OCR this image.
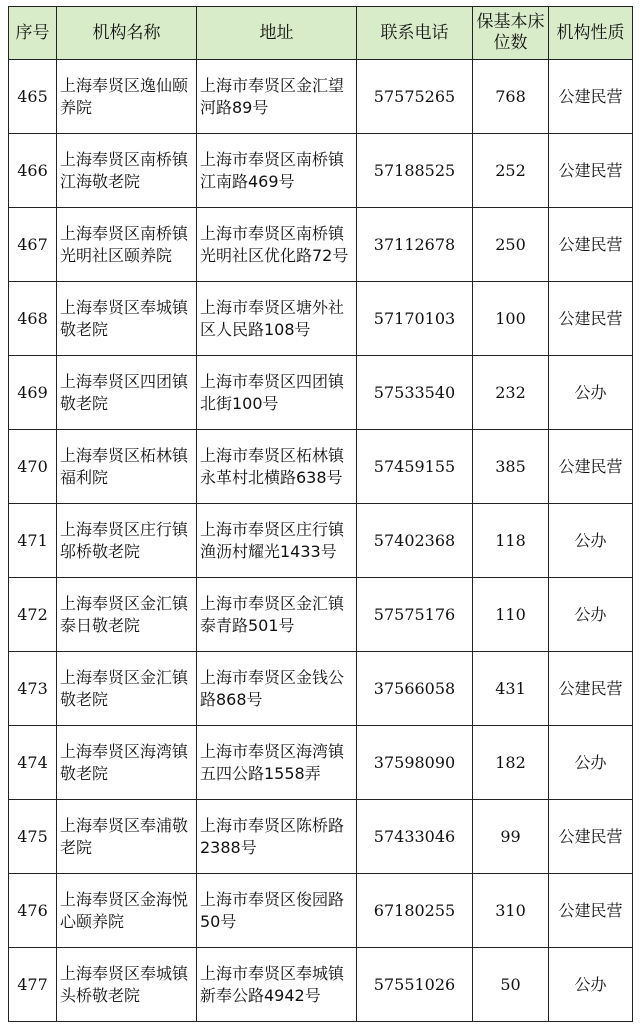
序号	机构名称	地址	联系电话	保基本床位数	机构性质
465	上海奉贤区逸仙颐养院	上海市奉贤区金汇望河路89号	57575265	768	公建民营
466	上海奉贤区南桥镇江海敬老院	上海市奉贤区南桥镇江南路469号	57188525	252	公建民营
467	上海奉贤区南桥镇光明社区颐养院	上海市奉贤区南桥镇光明社区优化路72号	37112678	250	公建民营
468	上海奉贤区奉城镇敬老院	上海市奉贤区塘外社区人民路108号	57170103	100	公建民营
469	上海奉贤区四团镇敬老院	上海市奉贤区四团镇北街100号	57533540	232	公办
470	上海奉贤区柘林镇福利院	上海市奉贤区柘林镇永革村北横路638号	57459155	385	公建民营
471	上海奉贤区庄行镇邬桥敬老院	上海市奉贤区庄行镇渔沥村耀光1433号	57402368	118	公办
472	上海奉贤区金汇镇泰日敬老院	上海市奉贤区金汇镇泰青路501号	57575176	110	公办
473	上海奉贤区金汇镇敬老院	上海市奉贤区金钱公路868号	37566058	431	公建民营
474	上海奉贤区海湾镇敬老院	上海市奉贤区海湾镇五四公路1558弄	37598090	182	公办
475	上海奉贤区奉浦敬老院	上海市奉贤区陈桥路2388号	57433046	99	公建民营
476	上海奉贤区金海悦心颐养院	上海市奉贤区俊园路50号	67180255	310	公建民营
477	上海奉贤区奉城镇头桥敬老院	上海市奉贤区奉城镇新奉公路4942号	57551026	50	公办
